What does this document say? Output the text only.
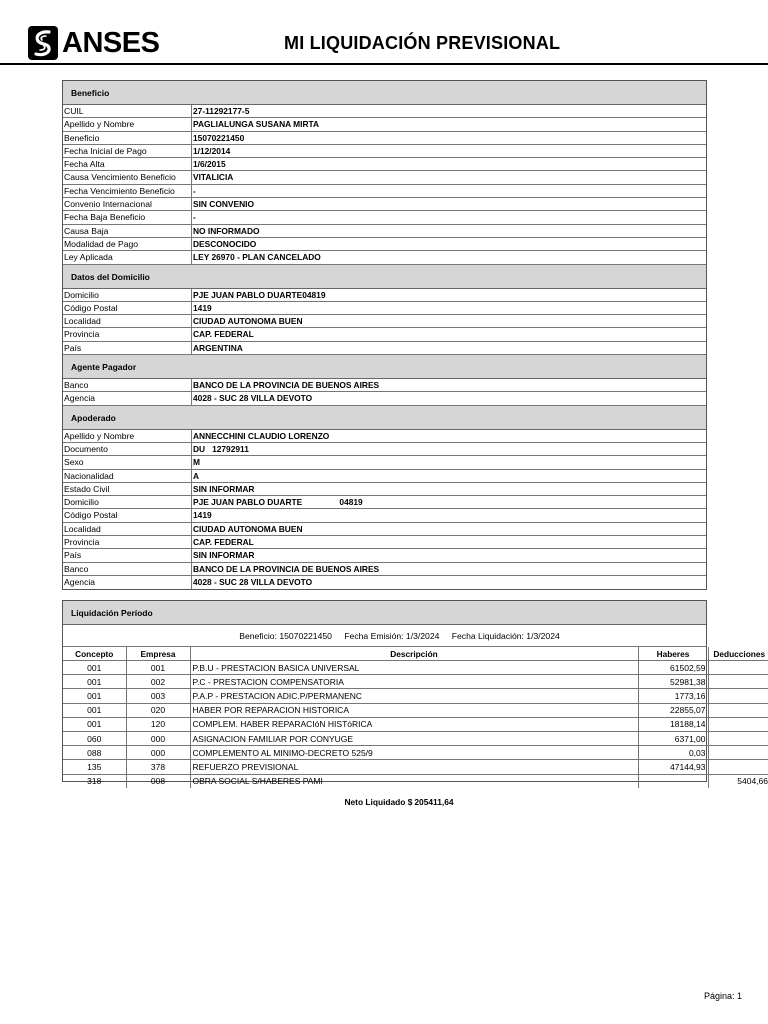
ANSES	MI LIQUIDACIÓN PREVISIONAL
Beneficio
CUIL	27-11292177-5
Apellido y Nombre	PAGLIALUNGA SUSANA MIRTA
Beneficio	15070221450
Fecha Inicial de Pago	1/12/2014
Fecha Alta	1/6/2015
Causa Vencimiento Beneficio	VITALICIA
Fecha Vencimiento Beneficio	-
Convenio Internacional	SIN CONVENIO
Fecha Baja Beneficio	-
Causa Baja	NO INFORMADO
Modalidad de Pago	DESCONOCIDO
Ley Aplicada	LEY 26970 - PLAN CANCELADO
Datos del Domicilio
Domicilio	PJE JUAN PABLO DUARTE04819
Código Postal	1419
Localidad	CIUDAD AUTONOMA BUEN
Provincia	CAP. FEDERAL
País	ARGENTINA
Agente Pagador
Banco	BANCO DE LA PROVINCIA DE BUENOS AIRES
Agencia	4028 - SUC 28 VILLA DEVOTO
Apoderado
Apellido y Nombre	ANNECCHINI CLAUDIO LORENZO
Documento	DU   12792911
Sexo	M
Nacionalidad	A
Estado Civil	SIN INFORMAR
Domicilio	PJE JUAN PABLO DUARTE                04819
Código Postal	1419
Localidad	CIUDAD AUTONOMA BUEN
Provincia	CAP. FEDERAL
País	SIN INFORMAR
Banco	BANCO DE LA PROVINCIA DE BUENOS AIRES
Agencia	4028 - SUC 28 VILLA DEVOTO
Liquidación Período
Beneficio: 15070221450 Fecha Emisión: 1/3/2024 Fecha Liquidación: 1/3/2024
Concepto	Empresa	Descripción	Haberes	Deducciones
001	001	P.B.U - PRESTACION BASICA UNIVERSAL	61502,59	
001	002	P.C - PRESTACION COMPENSATORIA	52981,38	
001	003	P.A.P - PRESTACION ADIC.P/PERMANENC	1773,16	
001	020	HABER POR REPARACION HISTORICA	22855,07	
001	120	COMPLEM. HABER REPARACIóN HISTóRICA	18188,14	
060	000	ASIGNACION FAMILIAR POR CONYUGE	6371,00	
088	000	COMPLEMENTO AL MINIMO-DECRETO 525/9	0,03	
135	378	REFUERZO PREVISIONAL	47144,93	
318	008	OBRA SOCIAL S/HABERES PAMI		5404,66
Neto Liquidado $ 205411,64
Página: 1
